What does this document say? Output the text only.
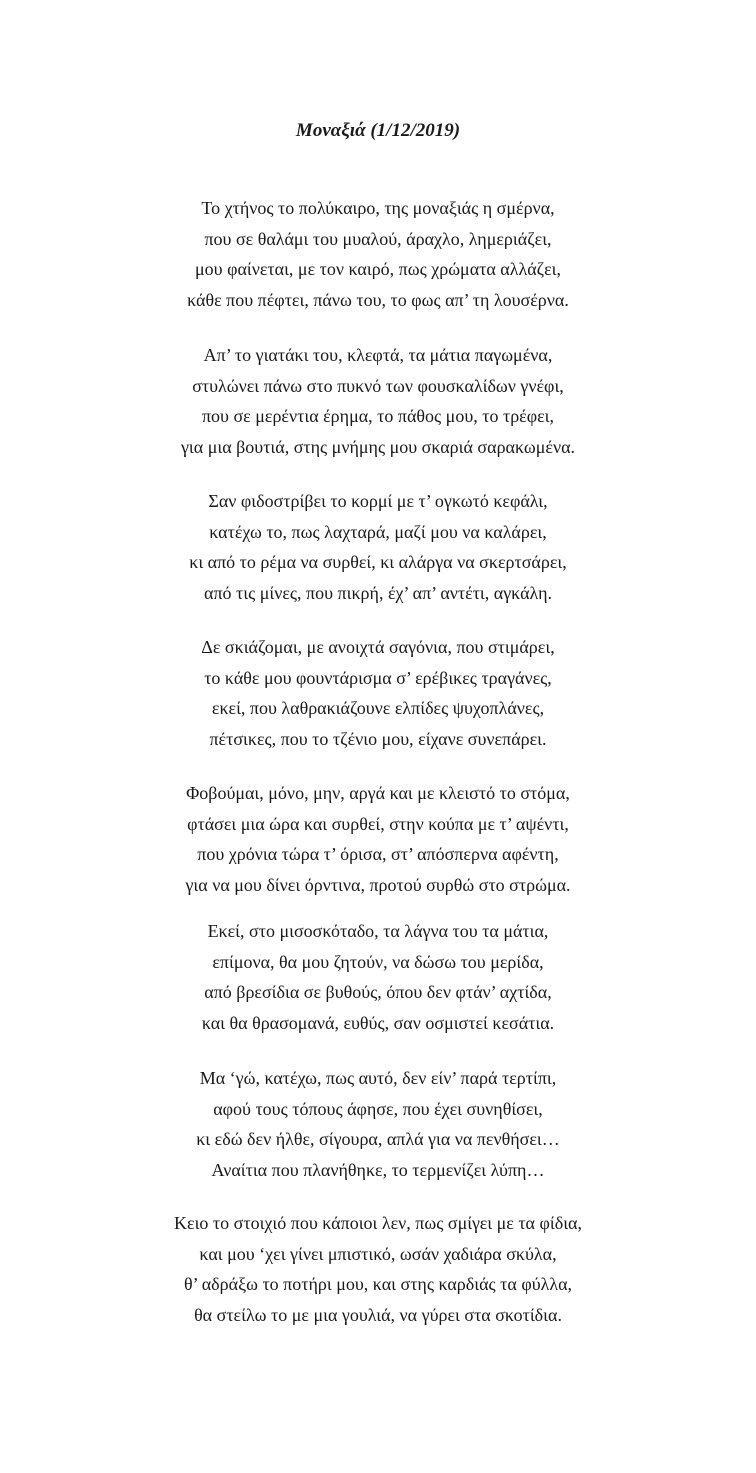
Μοναξιά (1/12/2019)
Το χτήνος το πολύκαιρο, της μοναξιάς η σμέρνα,
που σε θαλάμι του μυαλού, άραχλο, λημεριάζει,
μου φαίνεται, με τον καιρό, πως χρώματα αλλάζει,
κάθε που πέφτει, πάνω του, το φως απ’ τη λουσέρνα.
Απ’ το γιατάκι του, κλεφτά, τα μάτια παγωμένα,
στυλώνει πάνω στο πυκνό των φουσκαλίδων γνέφι,
που σε μερέντια έρημα, το πάθος μου, το τρέφει,
για μια βουτιά, στης μνήμης μου σκαριά σαρακωμένα.
Σαν φιδοστρίβει το κορμί με τ’ ογκωτό κεφάλι,
κατέχω το, πως λαχταρά, μαζί μου να καλάρει,
κι από το ρέμα να συρθεί, κι αλάργα να σκερτσάρει,
από τις μίνες, που πικρή, έχ’ απ’ αντέτι, αγκάλη.
Δε σκιάζομαι, με ανοιχτά σαγόνια, που στιμάρει,
το κάθε μου φουντάρισμα σ’ ερέβικες τραγάνες,
εκεί, που λαθρακιάζουνε ελπίδες ψυχοπλάνες,
πέτσικες, που το τζένιο μου, είχανε συνεπάρει.
Φοβούμαι, μόνο, μην, αργά και με κλειστό το στόμα,
φτάσει μια ώρα και συρθεί, στην κούπα με τ’ αψέντι,
που χρόνια τώρα τ’ όρισα, στ’ απόσπερνα αφέντη,
για να μου δίνει όρντινα, προτού συρθώ στο στρώμα.
Εκεί, στο μισοσκόταδο, τα λάγνα του τα μάτια,
επίμονα, θα μου ζητούν, να δώσω του μερίδα,
από βρεσίδια σε βυθούς, όπου δεν φτάν’ αχτίδα,
και θα θρασομανά, ευθύς, σαν οσμιστεί κεσάτια.
Μα ‘γώ, κατέχω, πως αυτό, δεν είν’ παρά τερτίπι,
αφού τους τόπους άφησε, που έχει συνηθίσει,
κι εδώ δεν ήλθε, σίγουρα, απλά για να πενθήσει…
Αναίτια που πλανήθηκε, το τερμενίζει λύπη…
Κειο το στοιχιό που κάποιοι λεν, πως σμίγει με τα φίδια,
και μου ‘χει γίνει μπιστικό, ωσάν χαδιάρα σκύλα,
θ’ αδράξω το ποτήρι μου, και στης καρδιάς τα φύλλα,
θα στείλω το με μια γουλιά, να γύρει στα σκοτίδια.
